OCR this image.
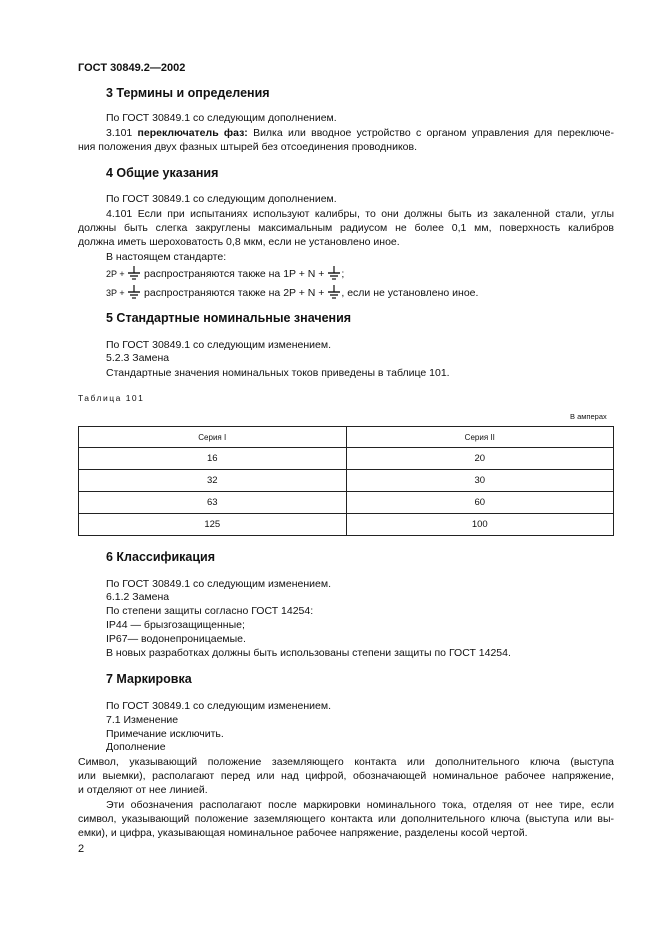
ГОСТ 30849.2—2002
3 Термины и определения
По ГОСТ 30849.1 со следующим дополнением.
3.101 переключатель фаз: Вилка или вводное устройство с органом управления для переключе-
ния положения двух фазных штырей без отсоединения проводников.
4 Общие указания
По ГОСТ 30849.1 со следующим дополнением.
4.101 Если при испытаниях используют калибры, то они должны быть из закаленной стали, углы
должны быть слегка закруглены максимальным радиусом не более 0,1 мм, поверхность калибров
должна иметь шероховатость 0,8 мкм, если не установлено иное.
В настоящем стандарте:
2P +  распространяются также на 1P + N + ;
3P +  распространяются также на 2P + N + , если не установлено иное.
5 Стандартные номинальные значения
По ГОСТ 30849.1 со следующим изменением.
5.2.3 Замена
Стандартные значения номинальных токов приведены в таблице 101.
Таблица 101
В амперах
Серия I	Серия II
16	20
32	30
63	60
125	100
6 Классификация
По ГОСТ 30849.1 со следующим изменением.
6.1.2 Замена
По степени защиты согласно ГОСТ 14254:
IP44 — брызгозащищенные;
IP67— водонепроницаемые.
В новых разработках должны быть использованы степени защиты по ГОСТ 14254.
7 Маркировка
По ГОСТ 30849.1 со следующим изменением.
7.1 Изменение
Примечание исключить.
Дополнение
Символ, указывающий положение заземляющего контакта или дополнительного ключа (выступа
или выемки), располагают перед или над цифрой, обозначающей номинальное рабочее напряжение,
и отделяют от нее линией.
Эти обозначения располагают после маркировки номинального тока, отделяя от нее тире, если
символ, указывающий положение заземляющего контакта или дополнительного ключа (выступа или вы-
емки), и цифра, указывающая номинальное рабочее напряжение, разделены косой чертой.
2
